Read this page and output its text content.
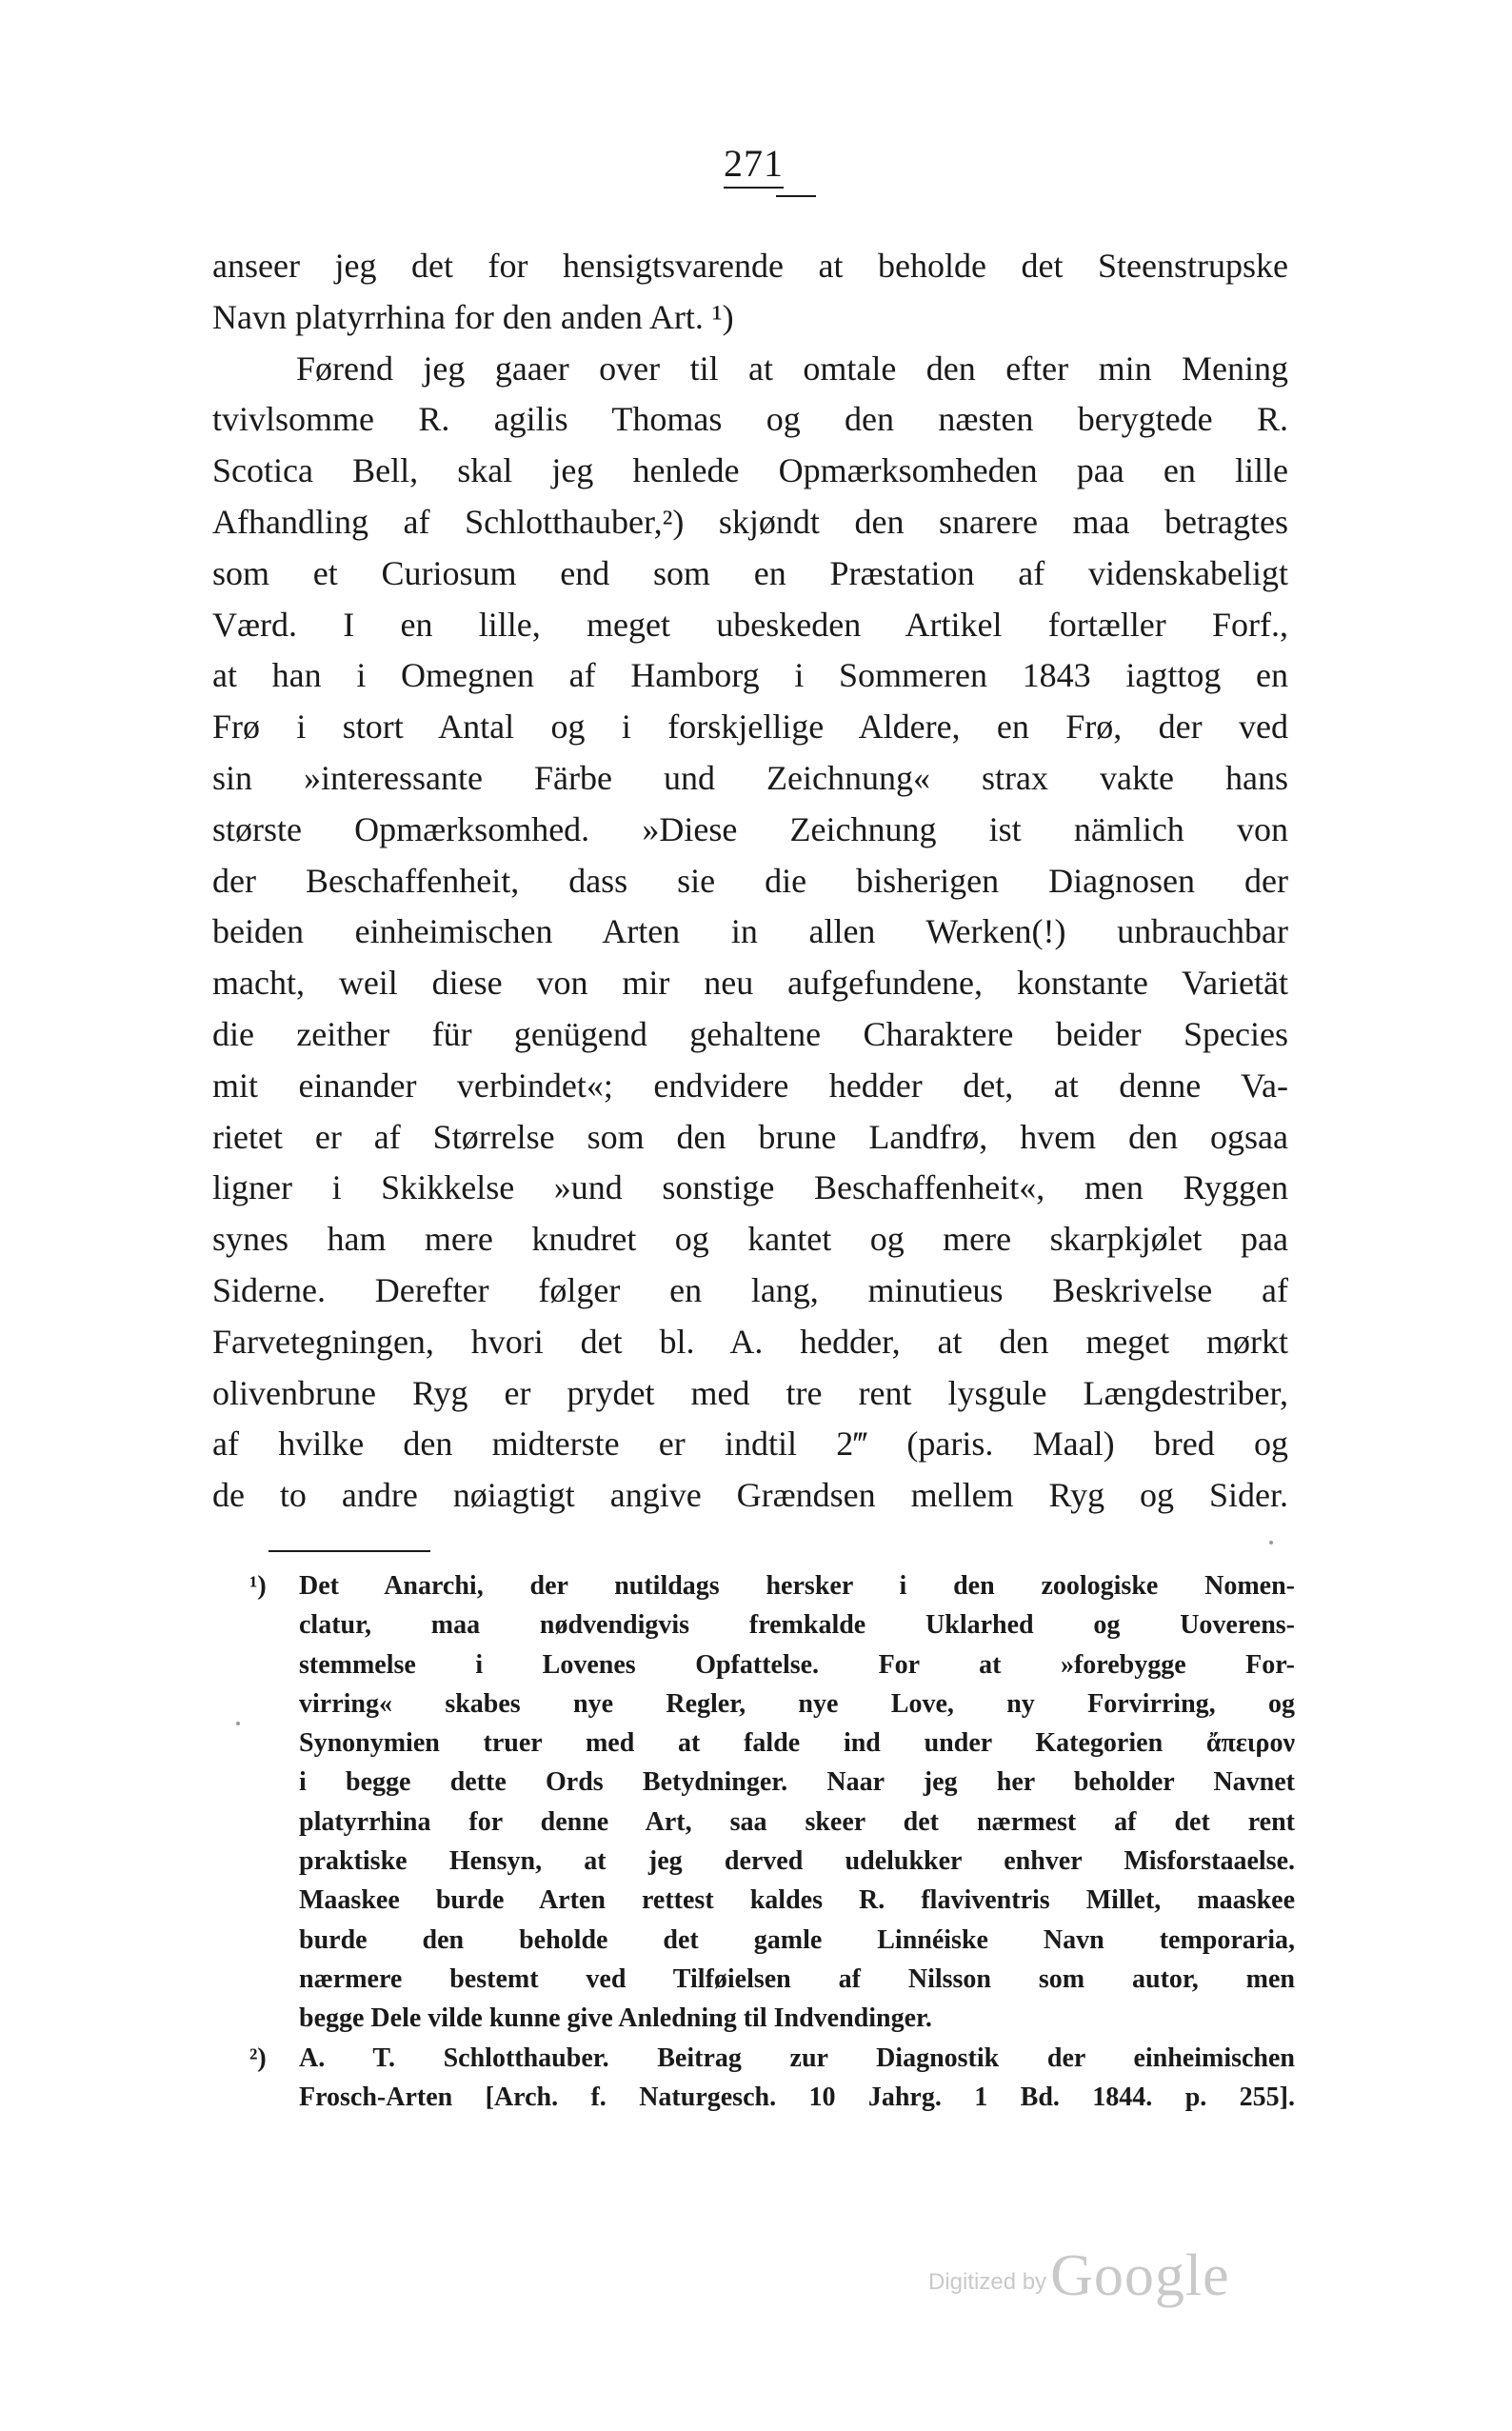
271
anseer jeg det for hensigtsvarende at beholde det Steenstrupske
Navn platyrrhina for den anden Art. ¹)
Førend jeg gaaer over til at omtale den efter min Mening
tvivlsomme R. agilis Thomas og den næsten berygtede R.
Scotica Bell, skal jeg henlede Opmærksomheden paa en lille
Afhandling af Schlotthauber,²) skjøndt den snarere maa betragtes
som et Curiosum end som en Præstation af videnskabeligt
Værd. I en lille, meget ubeskeden Artikel fortæller Forf.,
at han i Omegnen af Hamborg i Sommeren 1843 iagttog en
Frø i stort Antal og i forskjellige Aldere, en Frø, der ved
sin »interessante Färbe und Zeichnung« strax vakte hans
største Opmærksomhed. »Diese Zeichnung ist nämlich von
der Beschaffenheit, dass sie die bisherigen Diagnosen der
beiden einheimischen Arten in allen Werken(!) unbrauchbar
macht, weil diese von mir neu aufgefundene, konstante Varietät
die zeither für genügend gehaltene Charaktere beider Species
mit einander verbindet«; endvidere hedder det, at denne Va-
rietet er af Størrelse som den brune Landfrø, hvem den ogsaa
ligner i Skikkelse »und sonstige Beschaffenheit«, men Ryggen
synes ham mere knudret og kantet og mere skarpkjølet paa
Siderne. Derefter følger en lang, minutieus Beskrivelse af
Farvetegningen, hvori det bl. A. hedder, at den meget mørkt
olivenbrune Ryg er prydet med tre rent lysgule Længdestriber,
af hvilke den midterste er indtil 2‴ (paris. Maal) bred og
de to andre nøiagtigt angive Grændsen mellem Ryg og Sider.
¹)	Det Anarchi, der nutildags hersker i den zoologiske Nomen-
clatur, maa nødvendigvis fremkalde Uklarhed og Uoverens-
stemmelse i Lovenes Opfattelse. For at »forebygge For-
virring« skabes nye Regler, nye Love, ny Forvirring, og
Synonymien truer med at falde ind under Kategorien ἄπειρον
i begge dette Ords Betydninger. Naar jeg her beholder Navnet
platyrrhina for denne Art, saa skeer det nærmest af det rent
praktiske Hensyn, at jeg derved udelukker enhver Misforstaaelse.
Maaskee burde Arten rettest kaldes R. flaviventris Millet, maaskee
burde den beholde det gamle Linnéiske Navn temporaria,
nærmere bestemt ved Tilføielsen af Nilsson som autor, men
begge Dele vilde kunne give Anledning til Indvendinger.
²)	A. T. Schlotthauber. Beitrag zur Diagnostik der einheimischen
Frosch-Arten [Arch. f. Naturgesch. 10 Jahrg. 1 Bd. 1844. p. 255].
Digitized byGoogle
